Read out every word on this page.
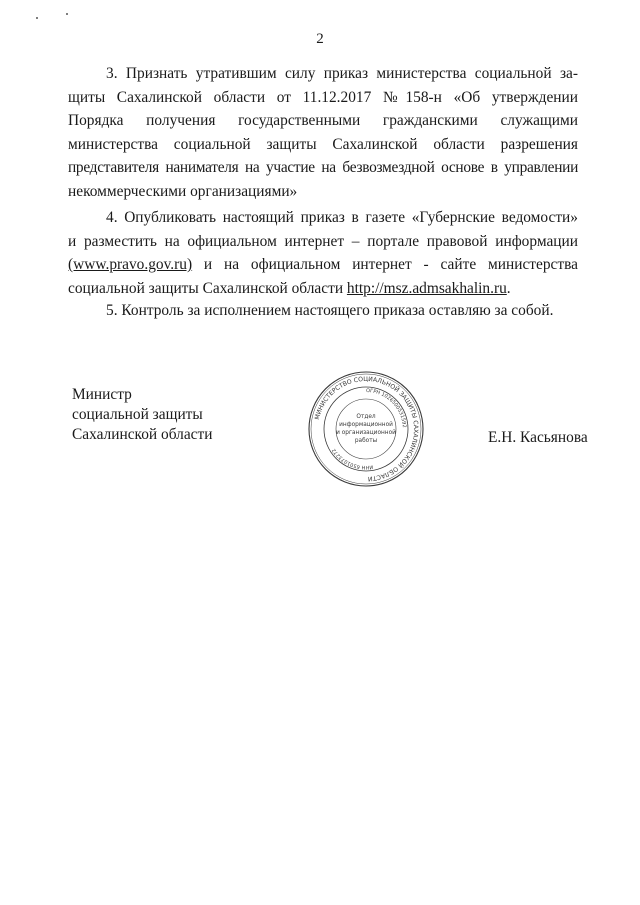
2
3. Признать утратившим силу приказ министерства социальной за-
щиты Сахалинской области от 11.12.2017 №158-н «Об утверждении
Порядка получения государственными гражданскими служащими
министерства социальной защиты Сахалинской области разрешения
представителя нанимателя на участие на безвозмездной основе в управлении
некоммерческими организациями»
4. Опубликовать настоящий приказ в газете «Губернские ведомости»
и разместить на официальном интернет – портале правовой информации
(www.pravo.gov.ru) и на официальном интернет - сайте министерства
социальной защиты Сахалинской области http://msz.admsakhalin.ru.
5. Контроль за исполнением настоящего приказа оставляю за собой.
Министр
социальной защиты
Сахалинской области
МИНИСТЕРСТВО СОЦИАЛЬНОЙ ЗАЩИТЫ САХАЛИНСКОЙ ОБЛАСТИ
ОГРН 1026500531592
ИНН 6501073272
Отдел
информационной
и организационной
работы	Е.Н. Касьянова
